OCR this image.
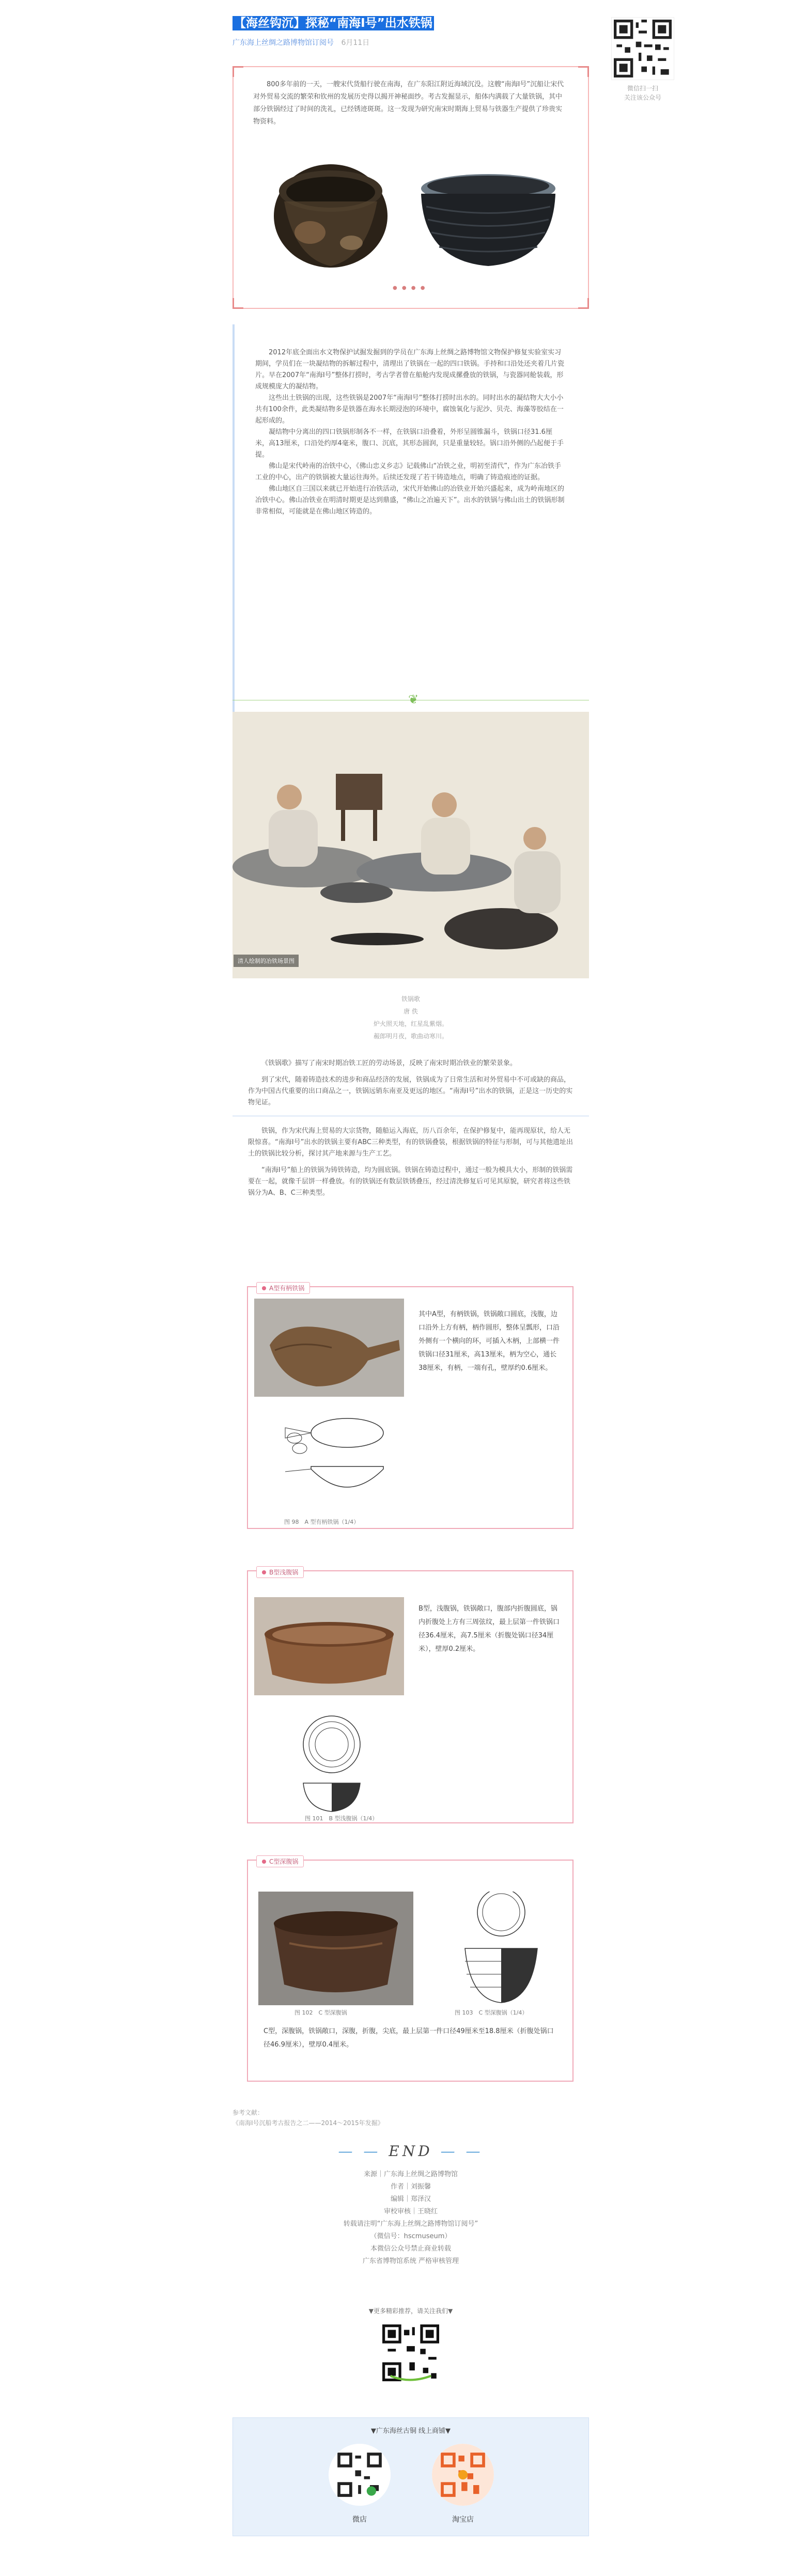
【海丝钩沉】探秘“南海I号”出水铁锅
广东海上丝绸之路博物馆订阅号 6月11日
微信扫一扫
关注该公众号
800多年前的一天，一艘宋代货船行驶在南海，在广东阳江附近海域沉没。这艘“南海I号”沉船让宋代对外贸易交流的繁荣和钦州的发展历史得以揭开神秘面纱。考古发掘显示，船体内满载了大量铁锅，其中部分铁锅经过了时间的洗礼，已经锈迹斑斑。这一发现为研究南宋时期海上贸易与铁器生产提供了珍贵实物资料。
● ● ● ●

2012年底全面出水文物保护试掘发掘到的学员在广东海上丝绸之路博物馆文物保护修复实验室实习期间，学员们在一块凝结物的拆解过程中，清理出了铁锅在一起的四口铁锅。手持和口沿处还夹着几片瓷片。早在2007年“南海I号”整体打捞时，考古学者曾在船舱内发现成摞叠放的铁锅，与瓷器同舱装载，形成规模庞大的凝结物。

这些出土铁锅的出现，这些铁锅是2007年“南海I号”整体打捞时出水的。同时出水的凝结物大大小小共有100余件，此类凝结物多是铁器在海水长期浸泡的环境中，腐蚀氧化与泥沙、贝壳、海藻等胶结在一起形成的。

凝结物中分离出的四口铁锅形制各不一样，在铁锅口沿叠着，外形呈圆锥漏斗，铁锅口径31.6厘米，高13厘米，口沿处约厚4毫米，腹口、沉底，其形态圆润，只是重量较轻。锅口沿外侧的凸起便于手提。

佛山是宋代岭南的冶铁中心，《佛山忠义乡志》记载佛山“冶铁之业，明初至清代”，作为广东冶铁手工业的中心，出产的铁锅被大量运往海外。后续还发现了若干铸造地点，明确了铸造痕迹的证据。

佛山地区自三国以来就已开始进行冶铁活动，宋代开始佛山的冶铁业开始兴盛起来，成为岭南地区的冶铁中心。佛山冶铁业在明清时期更是达到鼎盛，“佛山之冶遍天下”。出水的铁锅与佛山出土的铁锅形制非常相似，可能就是在佛山地区铸造的。

❦
清人绘制的冶铁场景图
铁锅歌
唐 佚
炉火照天地，红星乱紫烟。
赧郎明月夜，歌曲动寒川。

《铁锅歌》描写了南宋时期冶铁工匠的劳动场景，反映了南宋时期冶铁业的繁荣景象。

到了宋代，随着铸造技术的进步和商品经济的发展，铁锅成为了日常生活和对外贸易中不可或缺的商品，作为中国古代重要的出口商品之一，铁锅远销东南亚及更远的地区。“南海I号”出水的铁锅，正是这一历史的实物见证。

铁锅，作为宋代海上贸易的大宗货物，随船运入海底，历八百余年，在保护修复中，能再现原状，给人无限惊喜。“南海I号”出水的铁锅主要有ABC三种类型，有的铁锅叠装，根据铁锅的特征与形制，可与其他遗址出土的铁锅比较分析，探讨其产地来源与生产工艺。

“南海I号”船上的铁锅为铸铁铸造，均为圆底锅。铁锅在铸造过程中，通过一般为模具大小，形制的铁锅需要在一起，就像千层饼一样叠放。有的铁锅还有数层铁锈叠压，经过清洗修复后可见其原貌，研究者将这些铁锅分为A、B、C三种类型。

A型有柄铁锅
图 98　A 型有柄铁锅（1/4）
其中A型，有柄铁锅，铁锅敞口圆底，浅腹，边口沿外上方有柄，柄作圆形，整体呈瓢形，口沿外侧有一个横向的环，可插入木柄，上部横一件铁锅口径31厘米，高13厘米，柄为空心，通长38厘米，有柄，一端有孔，壁厚约0.6厘米。
B型浅腹锅
图 101　B 型浅腹锅（1/4）
B型，浅腹锅，铁锅敞口，腹部内折腹圆底，锅内折腹处上方有三周弦纹，最上层第一件铁锅口径36.4厘米，高7.5厘米（折腹处锅口径34厘米），壁厚0.2厘米。
C型深腹锅
图 102　C 型深腹锅	图 103　C 型深腹锅（1/4）
C型，深腹锅，铁锅敞口，深腹，折腹，尖底，最上层第一件口径49厘米至18.8厘米（折腹处锅口径46.9厘米），壁厚0.4厘米。
参考文献：
《南海I号沉船考古报告之二——2014～2015年发掘》
— — END — —
来源｜广东海上丝绸之路博物馆
作者｜刘振馨
编辑｜郑泽汉
审校审核｜王晓红
转载请注明“广东海上丝绸之路博物馆订阅号”
（微信号：hscmuseum）
本微信公众号禁止商业转载
广东省博物馆系统 严格审核管理
▼更多精彩推荐，请关注我们▼
▼广东海丝古铜 线上商铺▼
微店	淘宝店
